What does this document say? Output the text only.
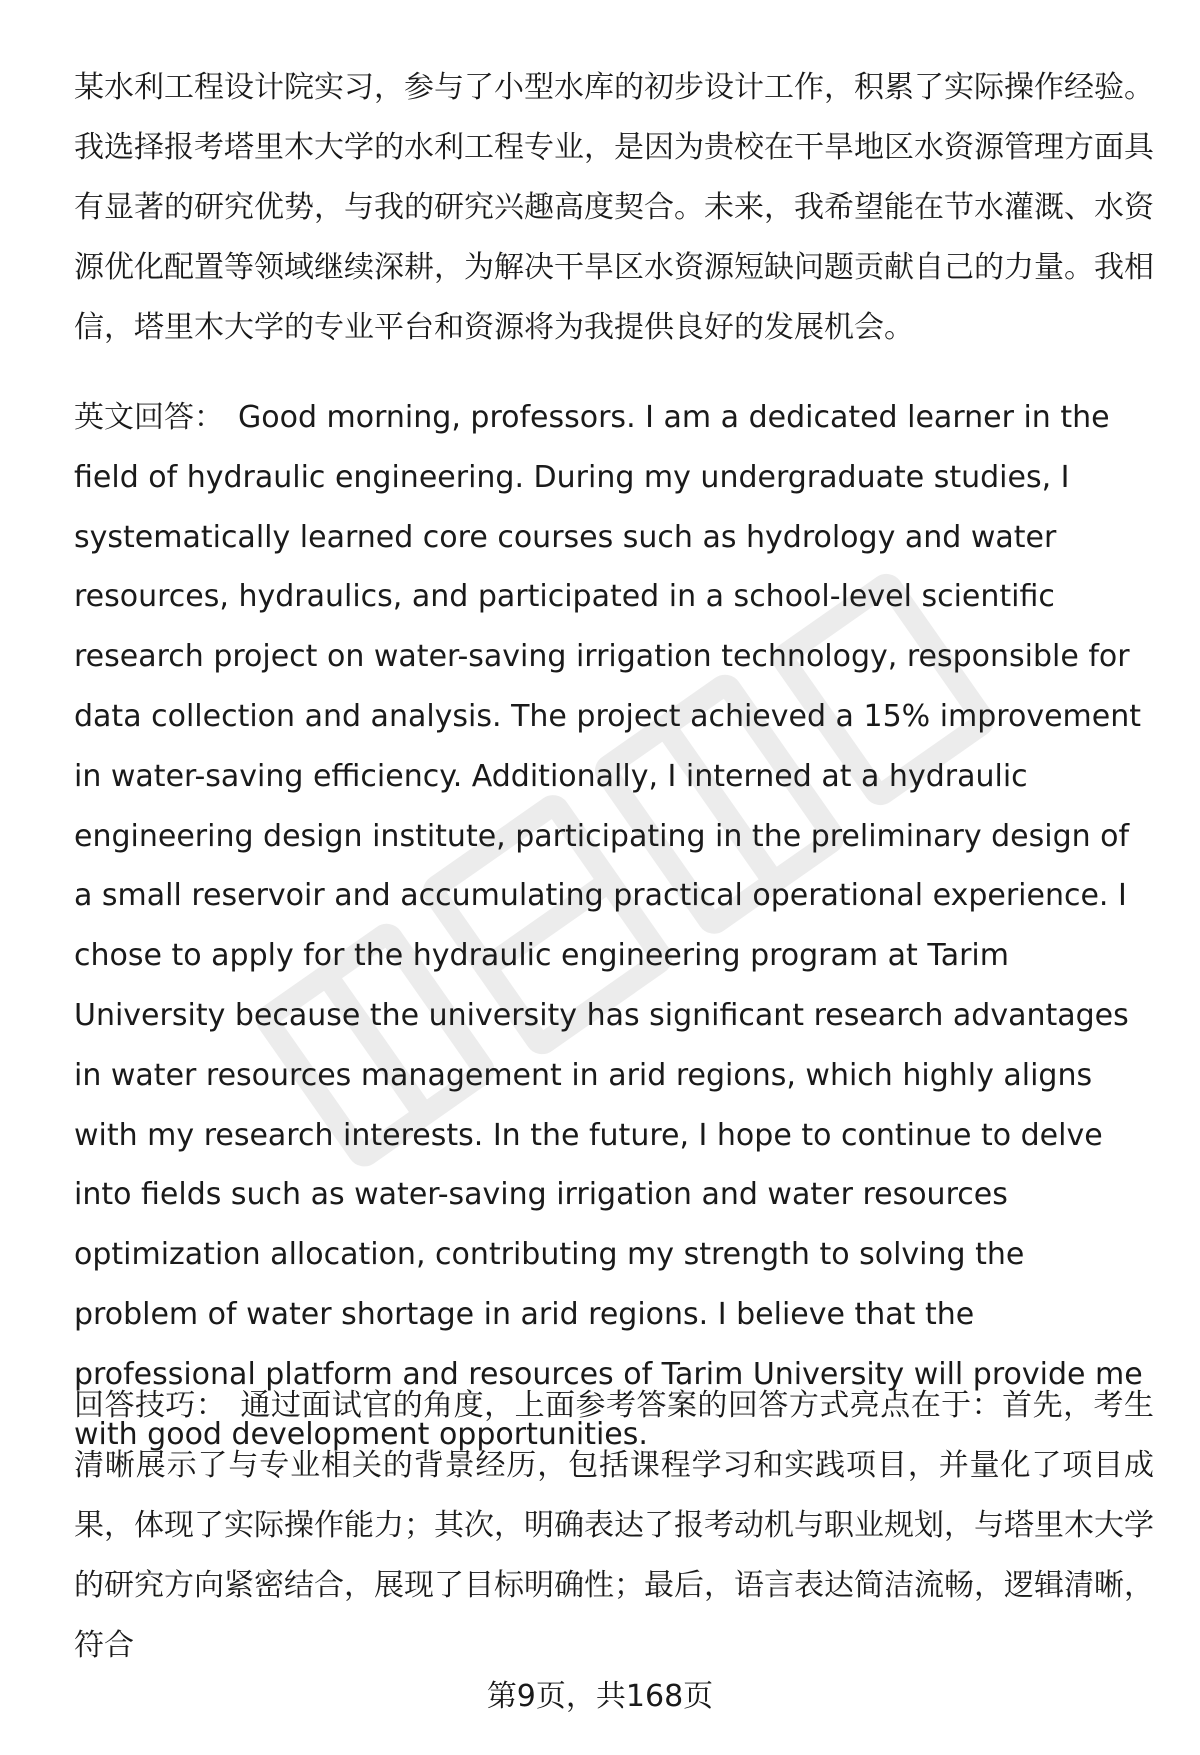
某水利工程设计院实习，参与了小型水库的初步设计工作，积累了实际操作经验。我选择报考塔里木大学的水利工程专业，是因为贵校在干旱地区水资源管理方面具有显著的研究优势，与我的研究兴趣高度契合。未来，我希望能在节水灌溉、水资源优化配置等领域继续深耕，为解决干旱区水资源短缺问题贡献自己的力量。我相信，塔里木大学的专业平台和资源将为我提供良好的发展机会。

英文回答： Good morning, professors. I am a dedicated learner in the field of hydraulic engineering. During my undergraduate studies, I systematically learned core courses such as hydrology and water resources, hydraulics, and participated in a school-level scientific research project on water-saving irrigation technology, responsible for data collection and analysis. The project achieved a 15% improvement in water-saving efficiency. Additionally, I interned at a hydraulic engineering design institute, participating in the preliminary design of a small reservoir and accumulating practical operational experience. I chose to apply for the hydraulic engineering program at Tarim University because the university has significant research advantages in water resources management in arid regions, which highly aligns with my research interests. In the future, I hope to continue to delve into fields such as water-saving irrigation and water resources optimization allocation, contributing my strength to solving the problem of water shortage in arid regions. I believe that the professional platform and resources of Tarim University will provide me with good development opportunities.

回答技巧： 通过面试官的角度，上面参考答案的回答方式亮点在于：首先，考生清晰展示了与专业相关的背景经历，包括课程学习和实践项目，并量化了项目成果，体现了实际操作能力；其次，明确表达了报考动机与职业规划，与塔里木大学的研究方向紧密结合，展现了目标明确性；最后，语言表达简洁流畅，逻辑清晰，符合

第9页，共168页
